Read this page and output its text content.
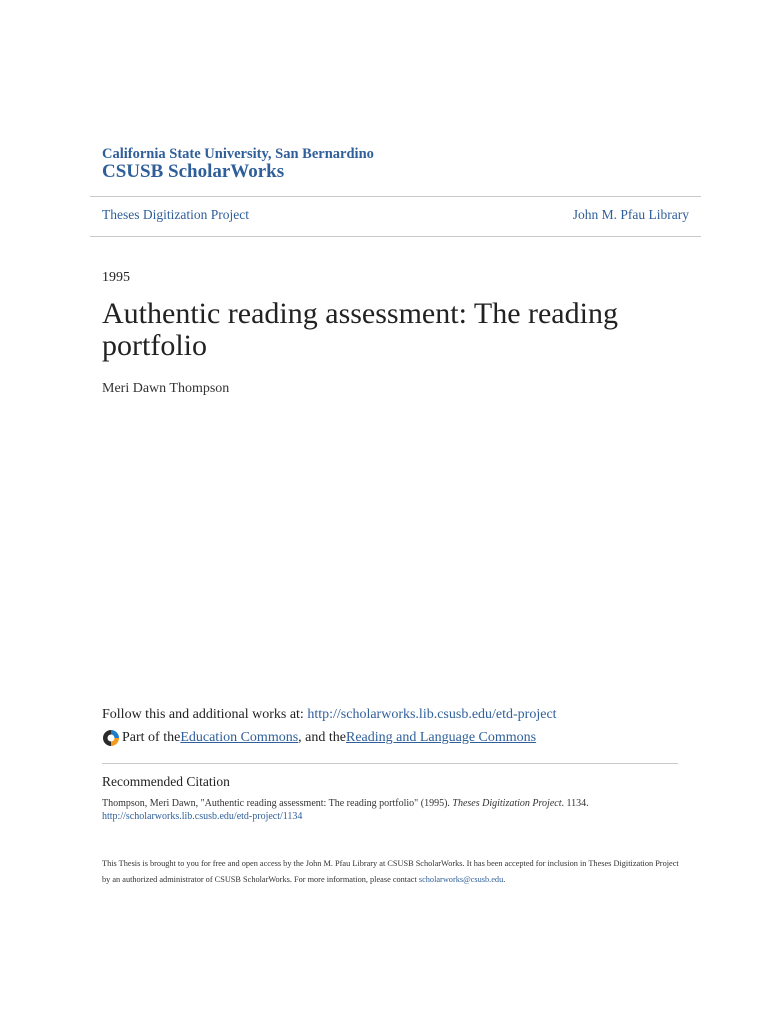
California State University, San Bernardino
CSUSB ScholarWorks
Theses Digitization Project	John M. Pfau Library
1995
Authentic reading assessment: The reading portfolio
Meri Dawn Thompson
Follow this and additional works at: http://scholarworks.lib.csusb.edu/etd-project
Part of the Education Commons , and the Reading and Language Commons
Recommended Citation
Thompson, Meri Dawn, "Authentic reading assessment: The reading portfolio" (1995). Theses Digitization Project. 1134.
http://scholarworks.lib.csusb.edu/etd-project/1134
This Thesis is brought to you for free and open access by the John M. Pfau Library at CSUSB ScholarWorks. It has been accepted for inclusion in Theses Digitization Project by an authorized administrator of CSUSB ScholarWorks. For more information, please contact scholarworks@csusb.edu.
